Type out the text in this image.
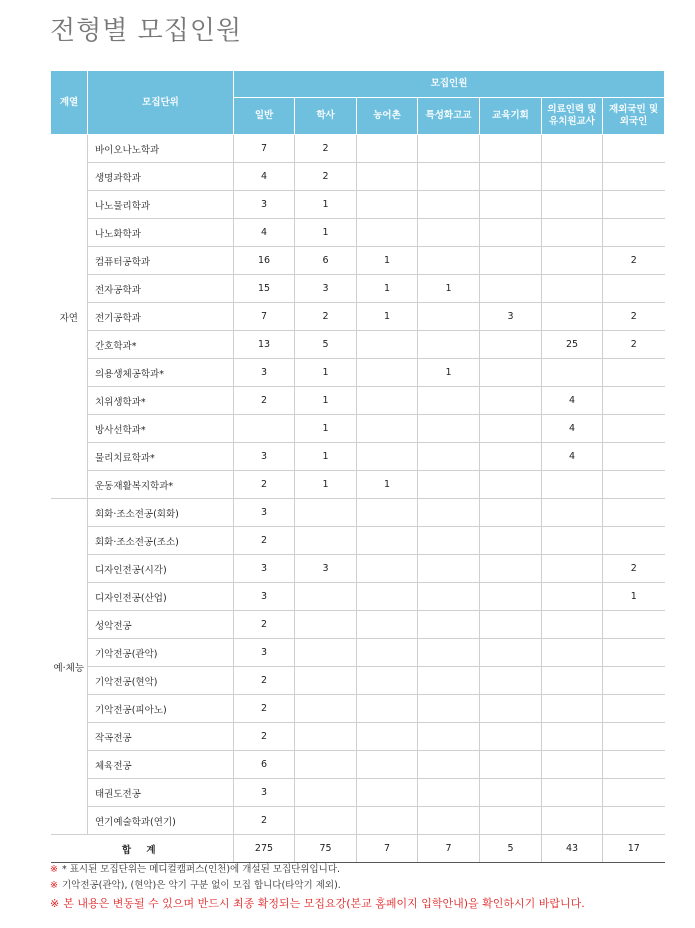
전형별 모집인원
계열	모집단위	모집인원						
		일반	학사	농어촌	특성화고교	교육기회	의료인력 및 유치원교사	재외국민 및 외국인
자연	바이오나노학과	7	2					
	생명과학과	4	2					
	나노물리학과	3	1					
	나노화학과	4	1					
	컴퓨터공학과	16	6	1				2
	전자공학과	15	3	1	1			
	전기공학과	7	2	1		3		2
	간호학과*	13	5				25	2
	의용생체공학과*	3	1		1			
	치위생학과*	2	1				4	
	방사선학과*		1				4	
	물리치료학과*	3	1				4	
	운동재활복지학과*	2	1	1				
예·체능	회화·조소전공(회화)	3						
	회화·조소전공(조소)	2						
	디자인전공(시각)	3	3					2
	디자인전공(산업)	3						1
	성악전공	2						
	기악전공(관악)	3						
	기악전공(현악)	2						
	기악전공(피아노)	2						
	작곡전공	2						
	체육전공	6						
	태권도전공	3						
	연기예술학과(연기)	2						
합 계		275	75	7	7	5	43	17
※ * 표시된 모집단위는 메디컬캠퍼스(인천)에 개설된 모집단위입니다.
※ 기악전공(관악), (현악)은 악기 구분 없이 모집 합니다(타악기 제외).
※ 본 내용은 변동될 수 있으며 반드시 최종 확정되는 모집요강(본교 홈페이지 입학안내)을 확인하시기 바랍니다.
